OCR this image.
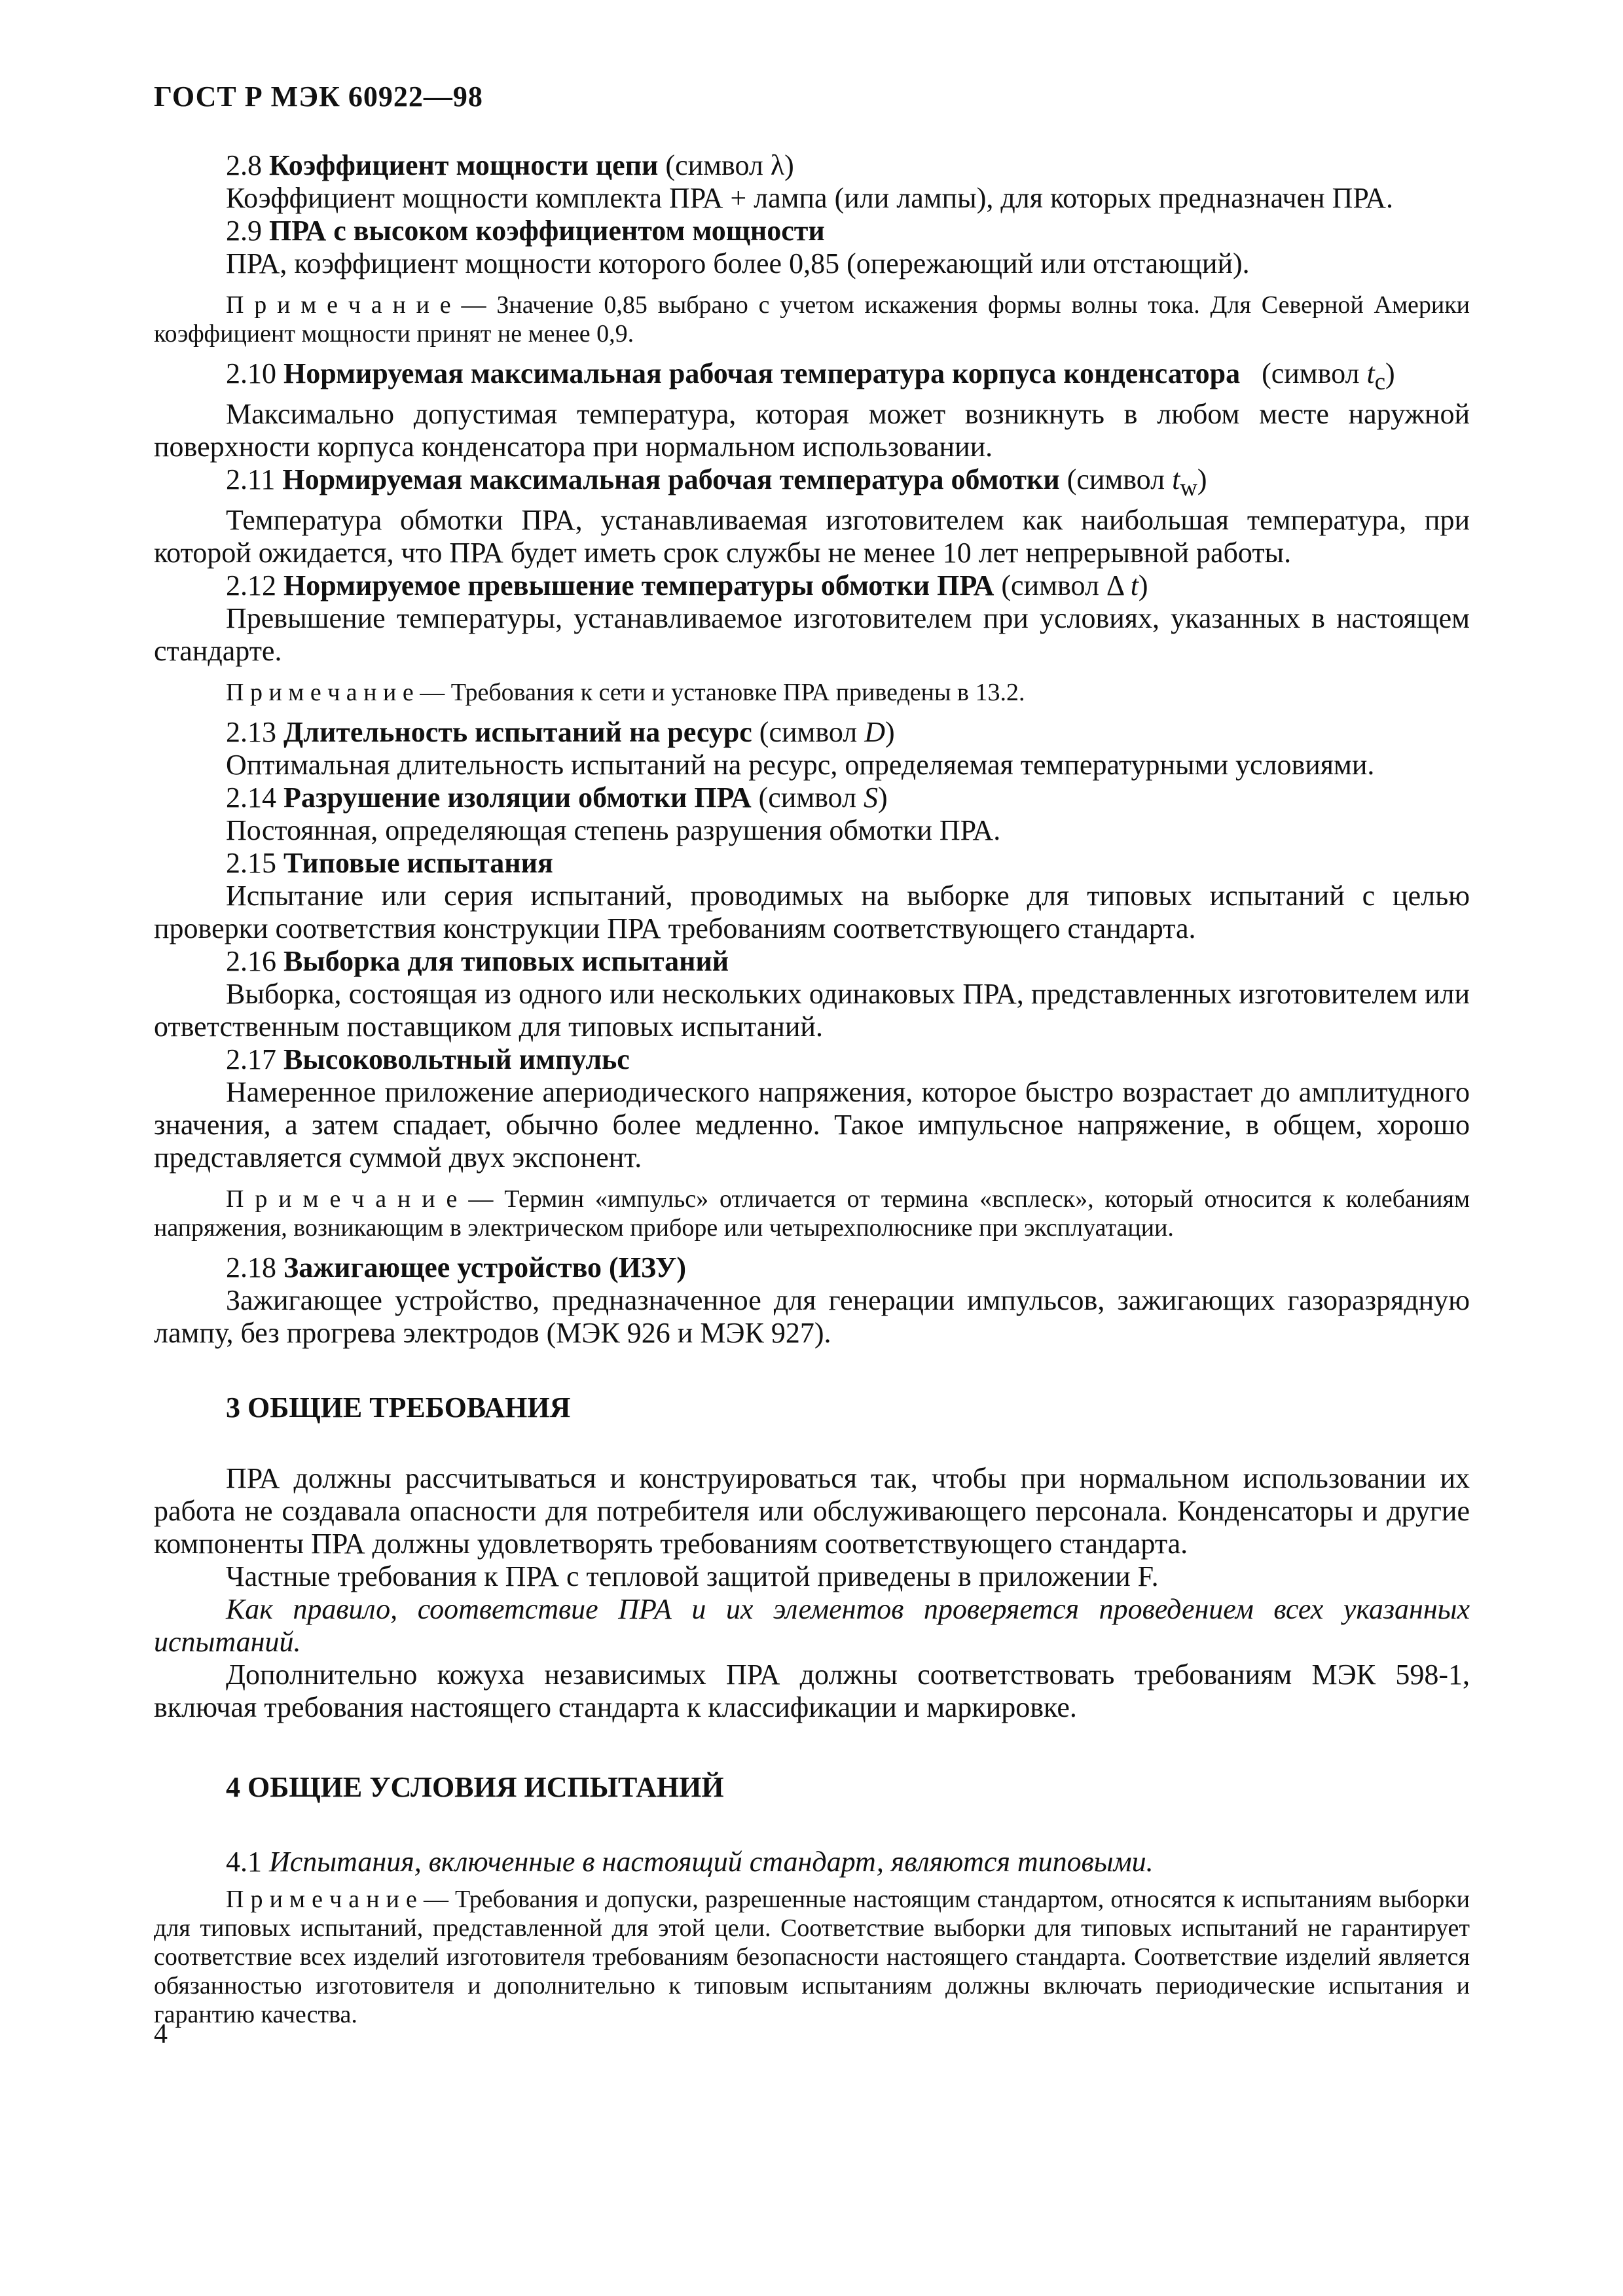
ГОСТ Р МЭК 60922—98

2.8 Коэффициент мощности цепи (символ λ)

Коэффициент мощности комплекта ПРА + лампа (или лампы), для которых предназначен ПРА.

2.9 ПРА с высоком коэффициентом мощности

ПРА, коэффициент мощности которого более 0,85 (опережающий или отстающий).

П р и м е ч а н и е — Значение 0,85 выбрано с учетом искажения формы волны тока. Для Северной Америки коэффициент мощности принят не менее 0,9.

2.10 Нормируемая максимальная рабочая температура корпуса конденсатора (символ $t_c$)

Максимально допустимая температура, которая может возникнуть в любом месте наружной поверхности корпуса конденсатора при нормальном использовании.

2.11 Нормируемая максимальная рабочая температура обмотки (символ $t_w$)

Температура обмотки ПРА, устанавливаемая изготовителем как наибольшая температура, при которой ожидается, что ПРА будет иметь срок службы не менее 10 лет непрерывной работы.

2.12 Нормируемое превышение температуры обмотки ПРА (символ Δ t)

Превышение температуры, устанавливаемое изготовителем при условиях, указанных в настоящем стандарте.

П р и м е ч а н и е — Требования к сети и установке ПРА приведены в 13.2.

2.13 Длительность испытаний на ресурс (символ D)

Оптимальная длительность испытаний на ресурс, определяемая температурными условиями.

2.14 Разрушение изоляции обмотки ПРА (символ S)

Постоянная, определяющая степень разрушения обмотки ПРА.

2.15 Типовые испытания

Испытание или серия испытаний, проводимых на выборке для типовых испытаний с целью проверки соответствия конструкции ПРА требованиям соответствующего стандарта.

2.16 Выборка для типовых испытаний

Выборка, состоящая из одного или нескольких одинаковых ПРА, представленных изготовителем или ответственным поставщиком для типовых испытаний.

2.17 Высоковольтный импульс

Намеренное приложение апериодического напряжения, которое быстро возрастает до амплитудного значения, а затем спадает, обычно более медленно. Такое импульсное напряжение, в общем, хорошо представляется суммой двух экспонент.

П р и м е ч а н и е — Термин «импульс» отличается от термина «всплеск», который относится к колебаниям напряжения, возникающим в электрическом приборе или четырехполюснике при эксплуатации.

2.18 Зажигающее устройство (ИЗУ)

Зажигающее устройство, предназначенное для генерации импульсов, зажигающих газоразрядную лампу, без прогрева электродов (МЭК 926 и МЭК 927).

3 ОБЩИЕ ТРЕБОВАНИЯ

ПРА должны рассчитываться и конструироваться так, чтобы при нормальном использовании их работа не создавала опасности для потребителя или обслуживающего персонала. Конденсаторы и другие компоненты ПРА должны удовлетворять требованиям соответствующего стандарта.

Частные требования к ПРА с тепловой защитой приведены в приложении F.

Как правило, соответствие ПРА и их элементов проверяется проведением всех указанных испытаний.

Дополнительно кожуха независимых ПРА должны соответствовать требованиям МЭК 598-1, включая требования настоящего стандарта к классификации и маркировке.

4 ОБЩИЕ УСЛОВИЯ ИСПЫТАНИЙ

4.1 Испытания, включенные в настоящий стандарт, являются типовыми.

П р и м е ч а н и е — Требования и допуски, разрешенные настоящим стандартом, относятся к испытаниям выборки для типовых испытаний, представленной для этой цели. Соответствие выборки для типовых испытаний не гарантирует соответствие всех изделий изготовителя требованиям безопасности настоящего стандарта. Соответствие изделий является обязанностью изготовителя и дополнительно к типовым испытаниям должны включать периодические испытания и гарантию качества.

4
